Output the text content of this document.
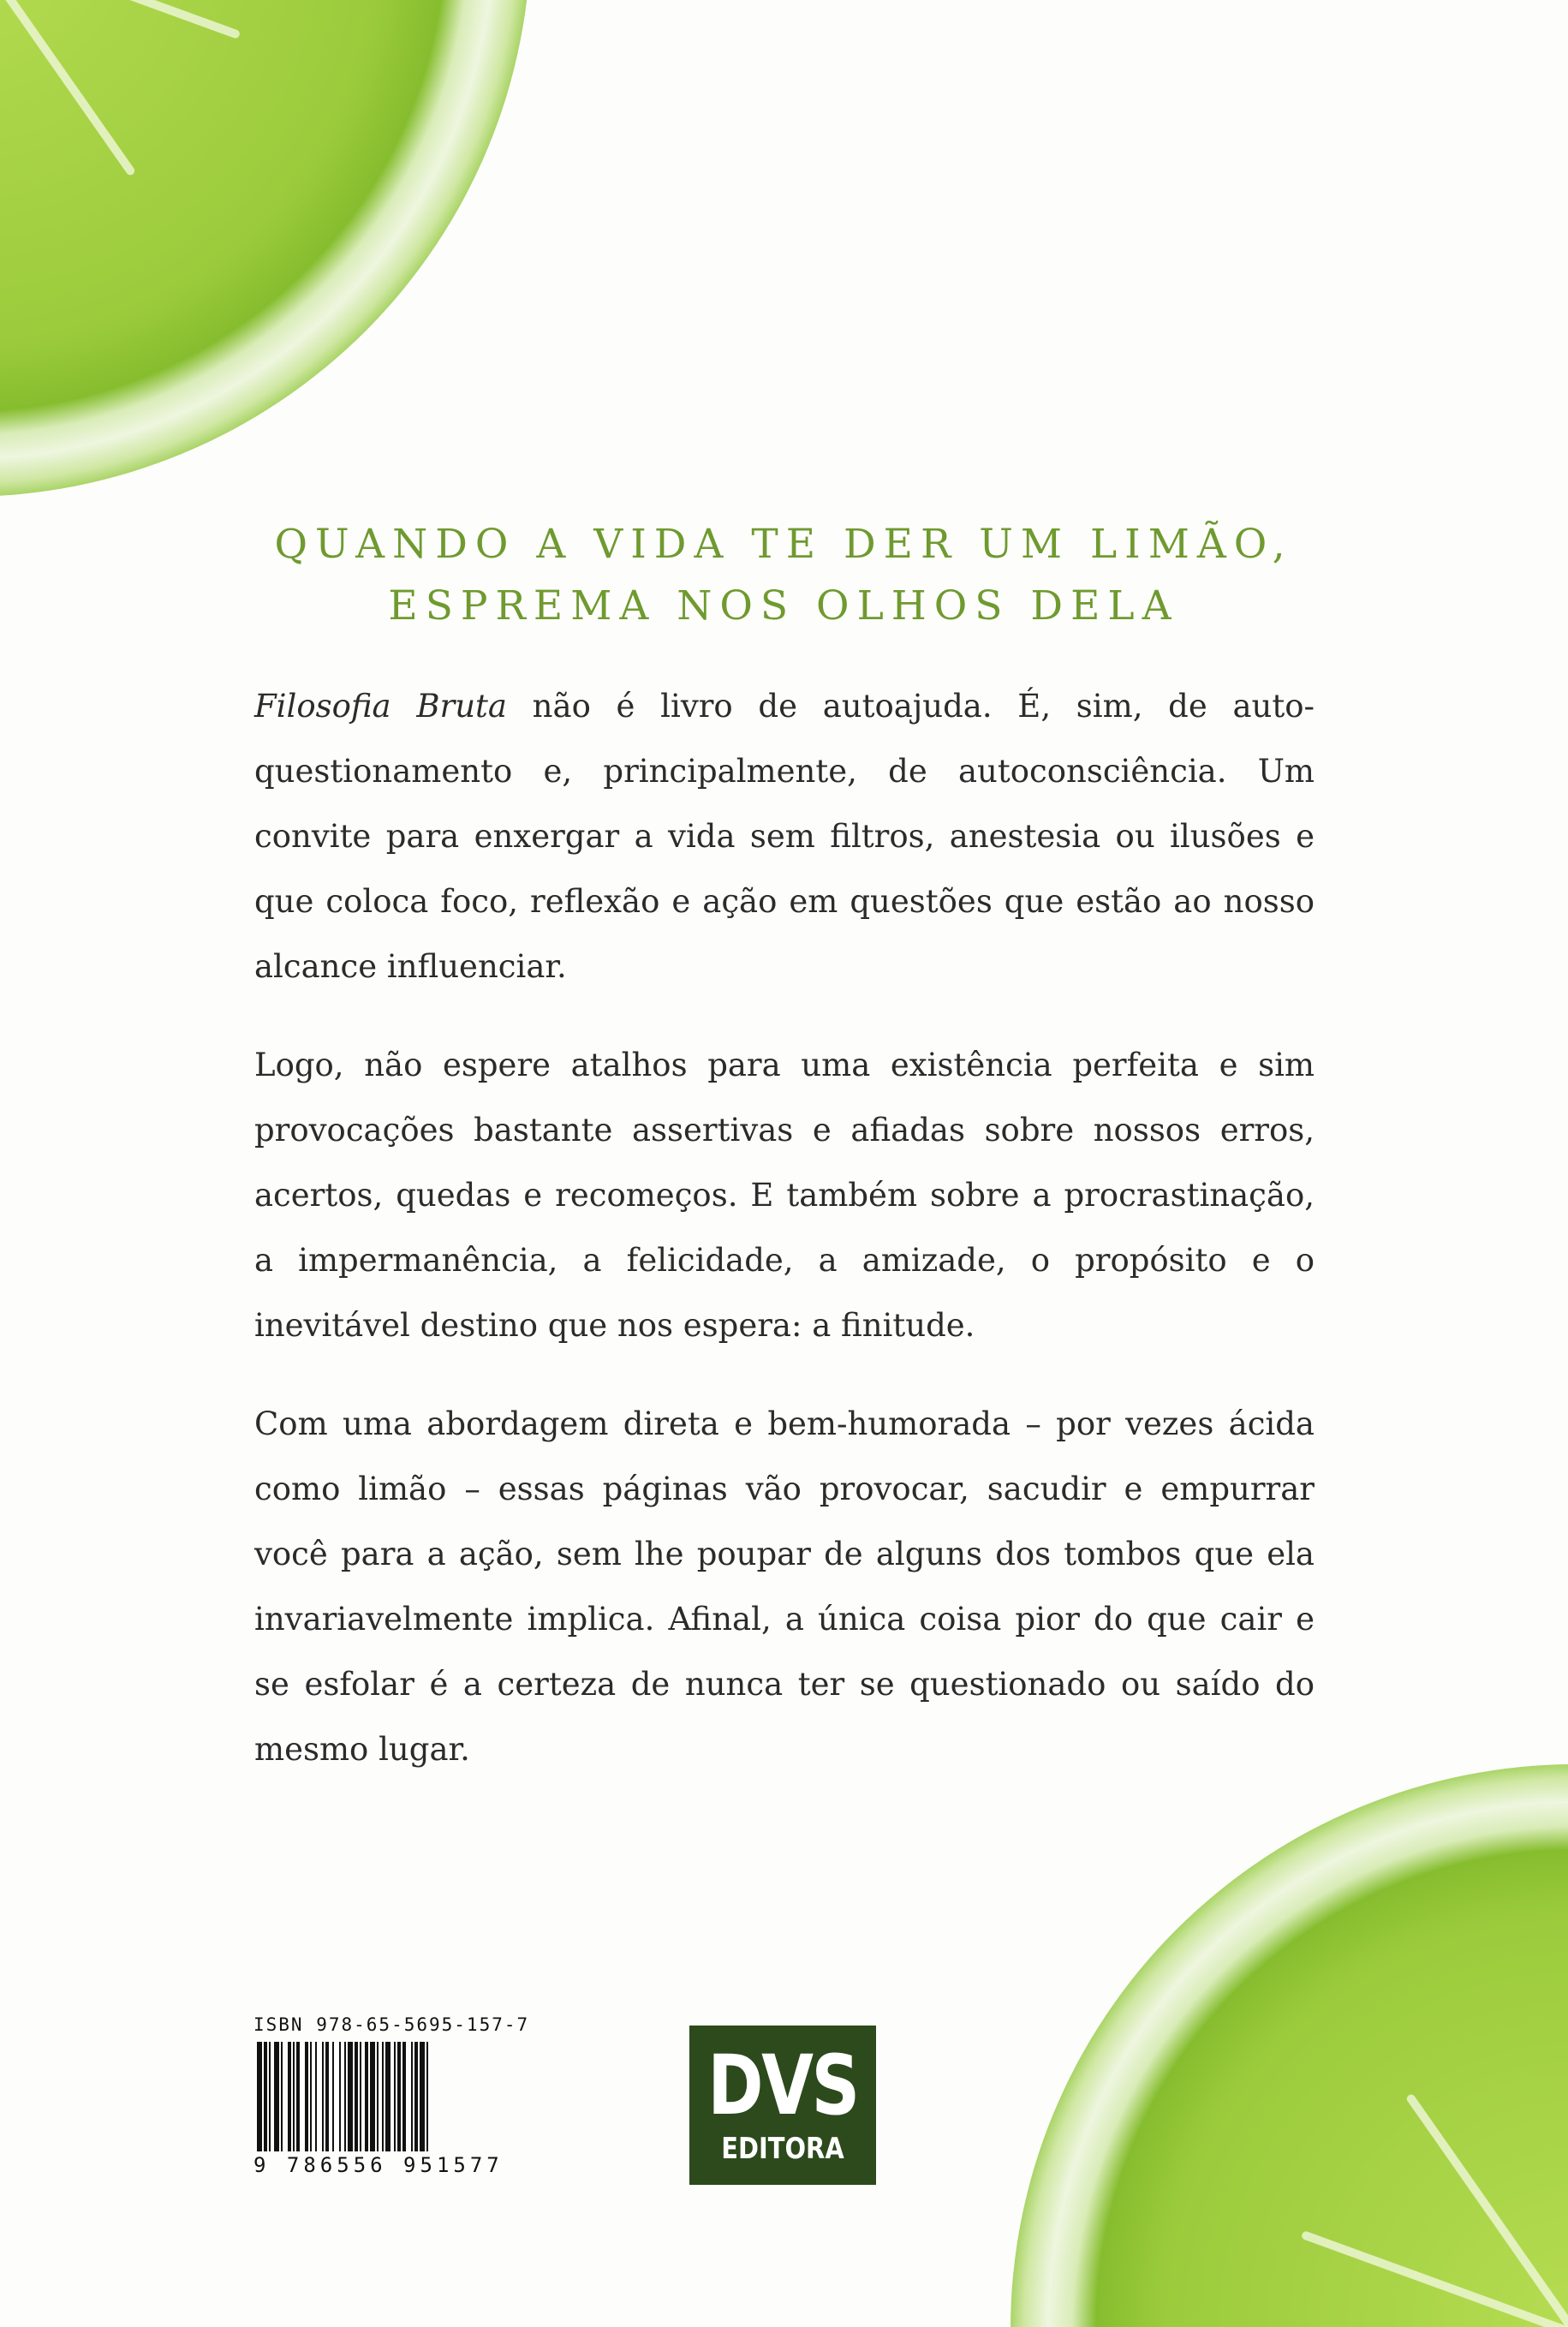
QUANDO A VIDA TE DER UM LIMÃO,
ESPREMA NOS OLHOS DELA

Filosofia Bruta não é livro de autoajuda. É, sim, de auto-questionamento e, principalmente, de autoconsciência. Um convite para enxergar a vida sem filtros, anestesia ou ilusões e que coloca foco, reflexão e ação em questões que estão ao nosso alcance influenciar.

Logo, não espere atalhos para uma existência perfeita e sim provocações bastante assertivas e afiadas sobre nossos erros, acertos, quedas e recomeços. E também sobre a procrastinação, a impermanência, a felicidade, a amizade, o propósito e o inevitável destino que nos espera: a finitude.

Com uma abordagem direta e bem-humorada – por vezes ácida como limão – essas páginas vão provocar, sacudir e empurrar você para a ação, sem lhe poupar de alguns dos tombos que ela invariavelmente implica. Afinal, a única coisa pior do que cair e se esfolar é a certeza de nunca ter se questionado ou saído do mesmo lugar.

ISBN 978-65-5695-157-7
9 786556 951577
DVS
EDITORA
